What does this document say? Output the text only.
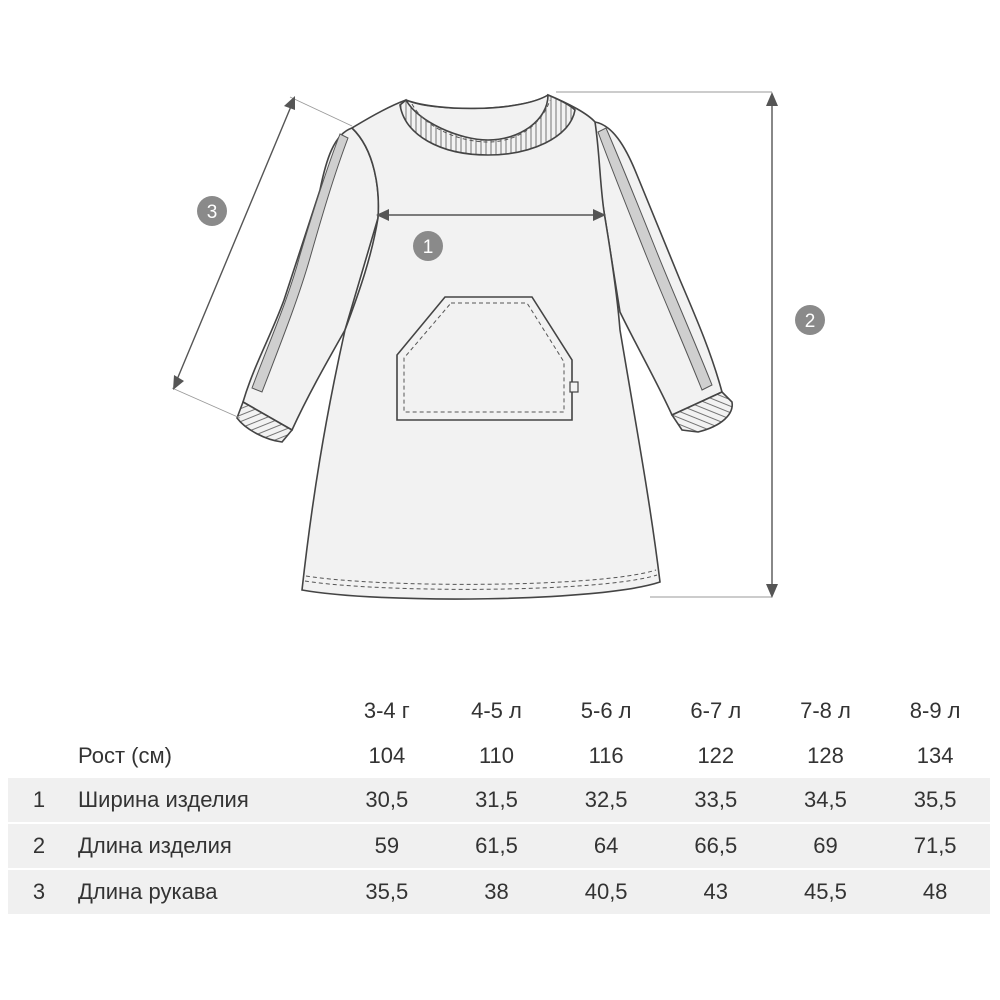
1
2
3
		3-4 г	4-5 л	5-6 л	6-7 л	7-8 л	8-9 л
	Рост (см)	104	110	116	122	128	134
1	Ширина изделия	30,5	31,5	32,5	33,5	34,5	35,5
2	Длина изделия	59	61,5	64	66,5	69	71,5
3	Длина рукава	35,5	38	40,5	43	45,5	48
